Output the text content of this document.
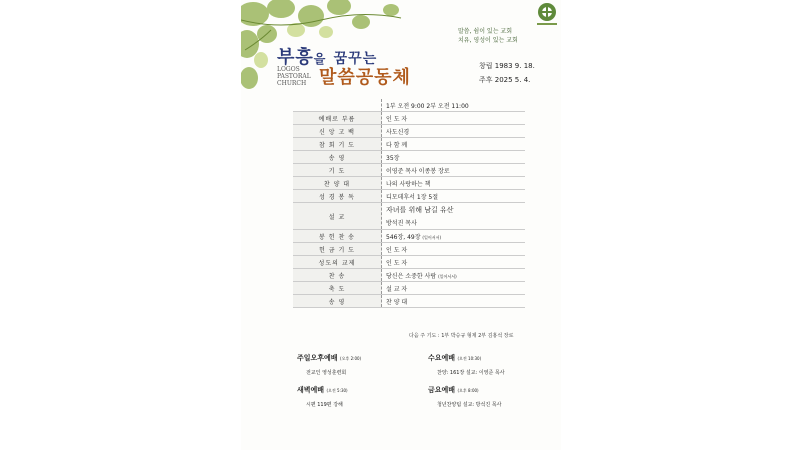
말씀, 쉼이 있는 교회
치유, 영성이 있는 교회
부흥을 꿈꾸는
LOGOS
PASTORAL
CHURCH 말씀공동체
창립 1983 9. 18.
주후 2025 5. 4.
	1부 오전 9:00 2부 오전 11:00
예배로 부름	인 도 자
신 앙 고 백	사도신경
참 회 기 도	다 함 께
송 영	35장
기 도	이영준 목사 이종봉 장로
찬 양 대	나의 사랑하는 책
성 경 봉 독	디모데후서 1장 5절
설 교	자녀를 위해 남길 유산
방석진 목사

봉 헌 찬 송	546장, 49장 (일어서서)
헌 금 기 도	인 도 자
성도의 교제	인 도 자
찬 송	당신은 소중한 사람 (일어서서)
축 도	설 교 자
송 영	찬 양 대
다음 주 기도 : 1부 박승규 형제 2부 김홍석 장로
주일오후예배 (오후 2:00)
전교인 영성훈련회
수요예배 (오전 10:30)
찬양: 161장 설교: 이영준 목사
새벽예배 (오전 5:30)
시편 119편 강해
금요예배 (오후 8:00)
청년찬양팀 설교: 방석진 목사
